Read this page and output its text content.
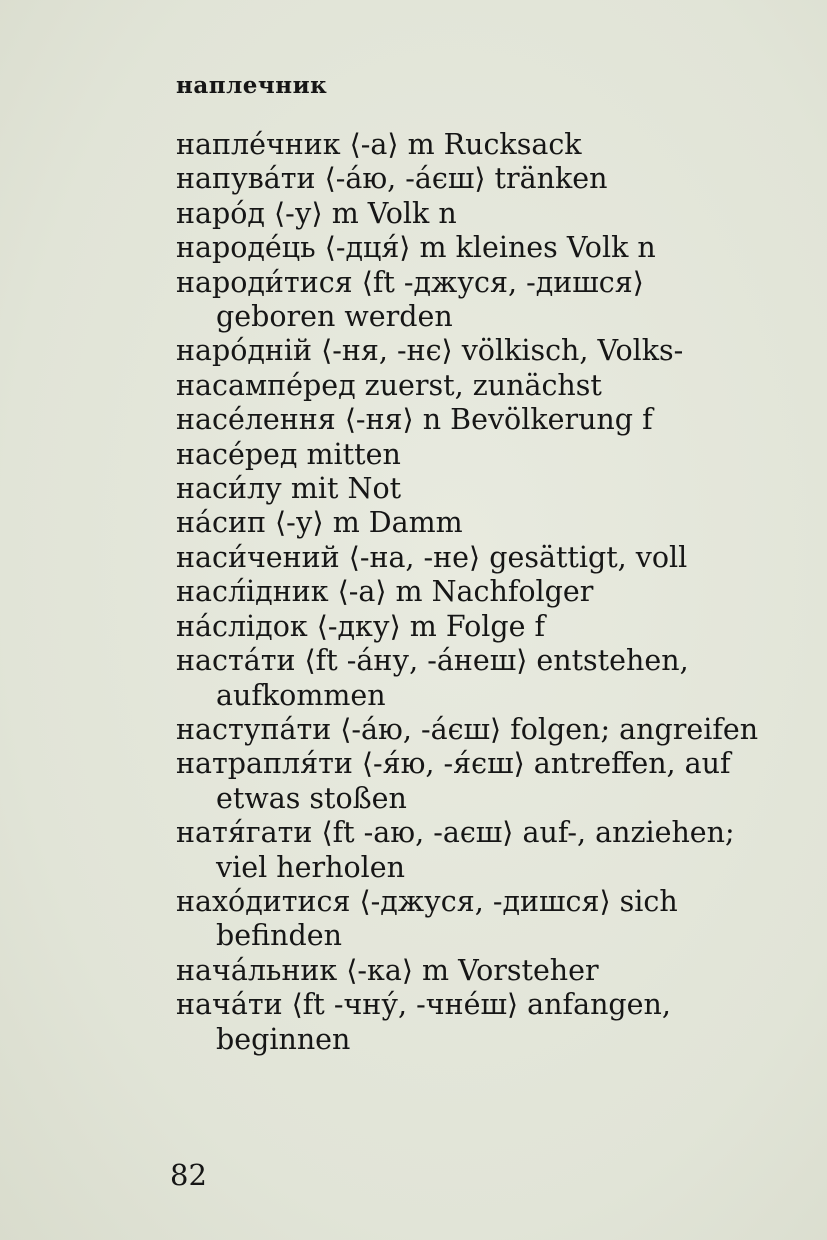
наплечник
напле́чник ⟨-а⟩ m Rucksack
напува́ти ⟨-а́ю, -а́єш⟩ tränken
наро́д ⟨-у⟩ m Volk n
народе́ць ⟨-дця́⟩ m kleines Volk n
народи́тися ⟨ft -джуся, -дишся⟩ geboren werden
наро́дній ⟨-ня, -нє⟩ völkisch, Volks-
насампе́ред zuerst, zunächst
насе́лення ⟨-ня⟩ n Bevölkerung f
насе́ред mitten
наси́лу mit Not
на́сип ⟨-у⟩ m Damm
наси́чений ⟨-на, -не⟩ gesättigt, voll
насл́ідник ⟨-а⟩ m Nachfolger
на́слідок ⟨-дку⟩ m Folge f
наста́ти ⟨ft -а́ну, -а́неш⟩ entstehen, aufkommen
наступа́ти ⟨-а́ю, -а́єш⟩ folgen; angreifen
натрапля́ти ⟨-я́ю, -я́єш⟩ antreffen, auf etwas stoßen
натя́гати ⟨ft -аю, -аєш⟩ auf-, anziehen; viel herholen
нахо́дитися ⟨-джуся, -дишся⟩ sich befinden
нача́льник ⟨-ка⟩ m Vorsteher
нача́ти ⟨ft -чну́, -чне́ш⟩ anfangen, beginnen
82
